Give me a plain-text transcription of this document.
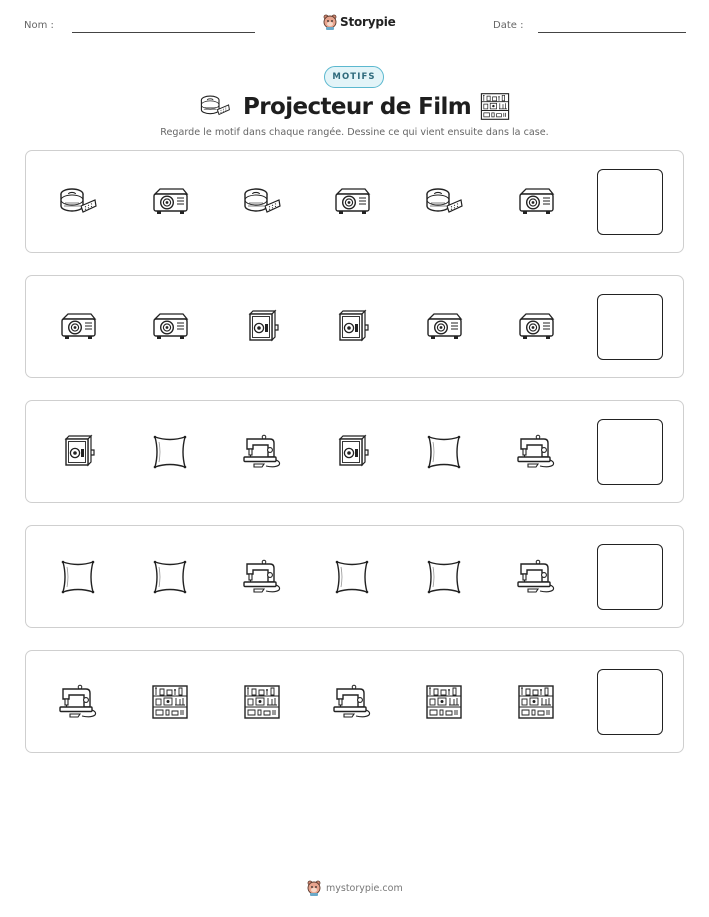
Nom :	Storypie	Date :
MOTIFS
Projecteur de Film
Regarde le motif dans chaque rangée. Dessine ce qui vient ensuite dans la case.
mystorypie.com
